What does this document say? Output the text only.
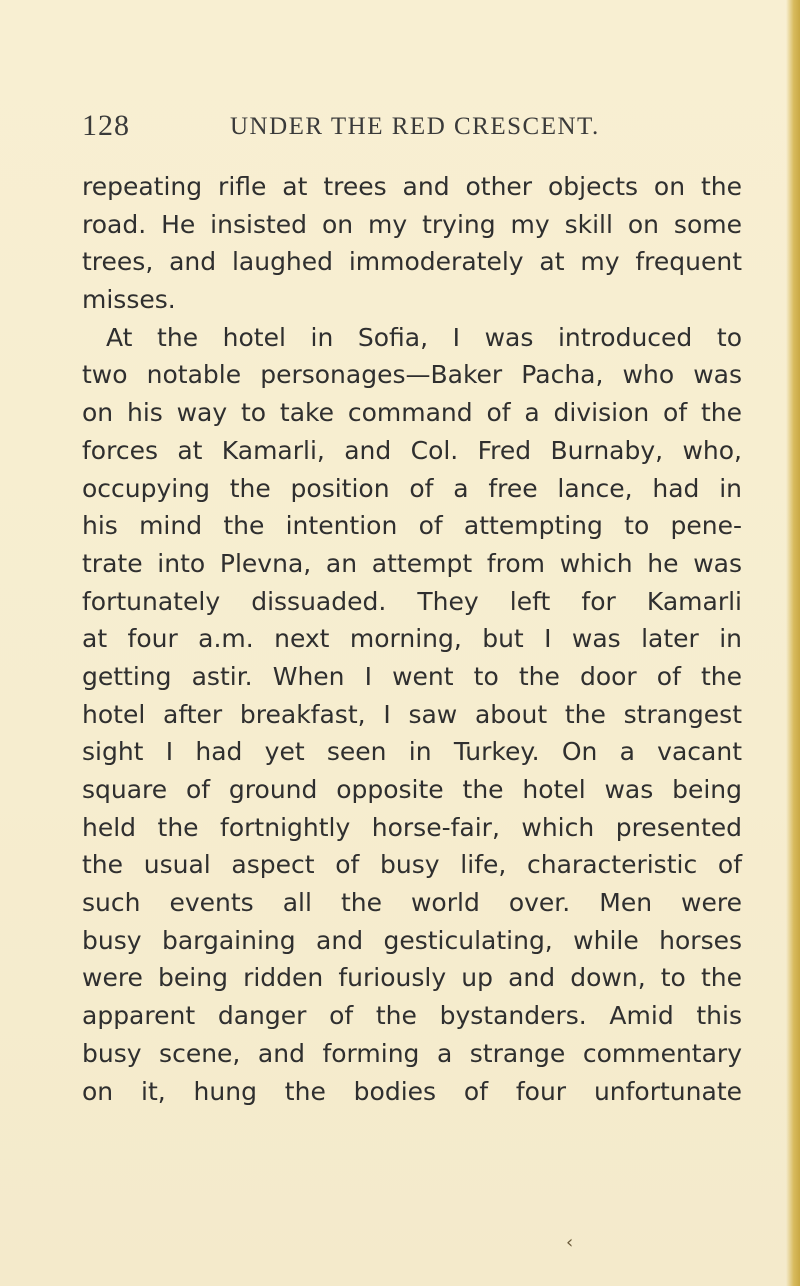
128	UNDER THE RED CRESCENT.
repeating rifle at trees and other objects on the
road. He insisted on my trying my skill on some
trees, and laughed immoderately at my frequent
misses.
At the hotel in Sofia, I was introduced to
two notable personages—Baker Pacha, who was
on his way to take command of a division of the
forces at Kamarli, and Col. Fred Burnaby, who,
occupying the position of a free lance, had in
his mind the intention of attempting to pene-
trate into Plevna, an attempt from which he was
fortunately dissuaded. They left for Kamarli
at four a.m. next morning, but I was later in
getting astir. When I went to the door of the
hotel after breakfast, I saw about the strangest
sight I had yet seen in Turkey. On a vacant
square of ground opposite the hotel was being
held the fortnightly horse-fair, which presented
the usual aspect of busy life, characteristic of
such events all the world over. Men were
busy bargaining and gesticulating, while horses
were being ridden furiously up and down, to the
apparent danger of the bystanders. Amid this
busy scene, and forming a strange commentary
on it, hung the bodies of four unfortunate
‹
